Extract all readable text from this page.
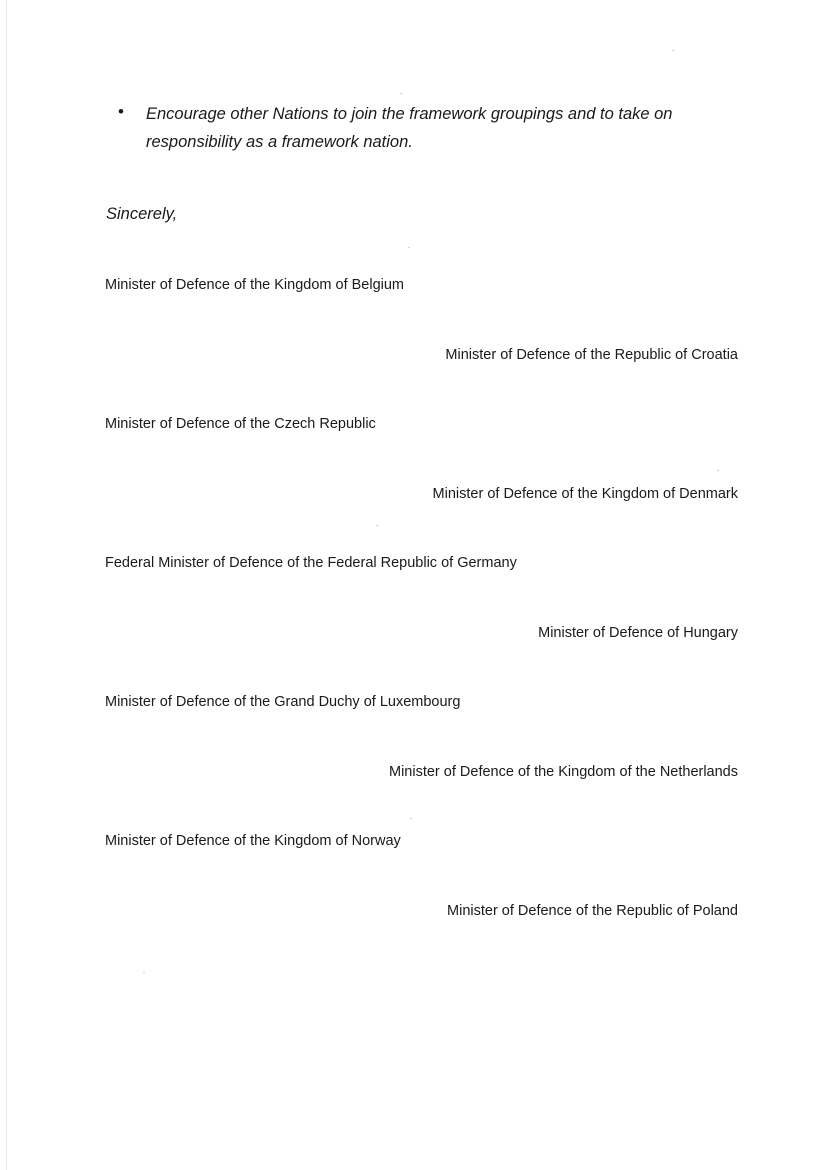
• Encourage other Nations to join the framework groupings and to take on responsibility as a framework nation.
Sincerely,
Minister of Defence of the Kingdom of Belgium
Minister of Defence of the Republic of Croatia
Minister of Defence of the Czech Republic
Minister of Defence of the Kingdom of Denmark
Federal Minister of Defence of the Federal Republic of Germany
Minister of Defence of Hungary
Minister of Defence of the Grand Duchy of Luxembourg
Minister of Defence of the Kingdom of the Netherlands
Minister of Defence of the Kingdom of Norway
Minister of Defence of the Republic of Poland
